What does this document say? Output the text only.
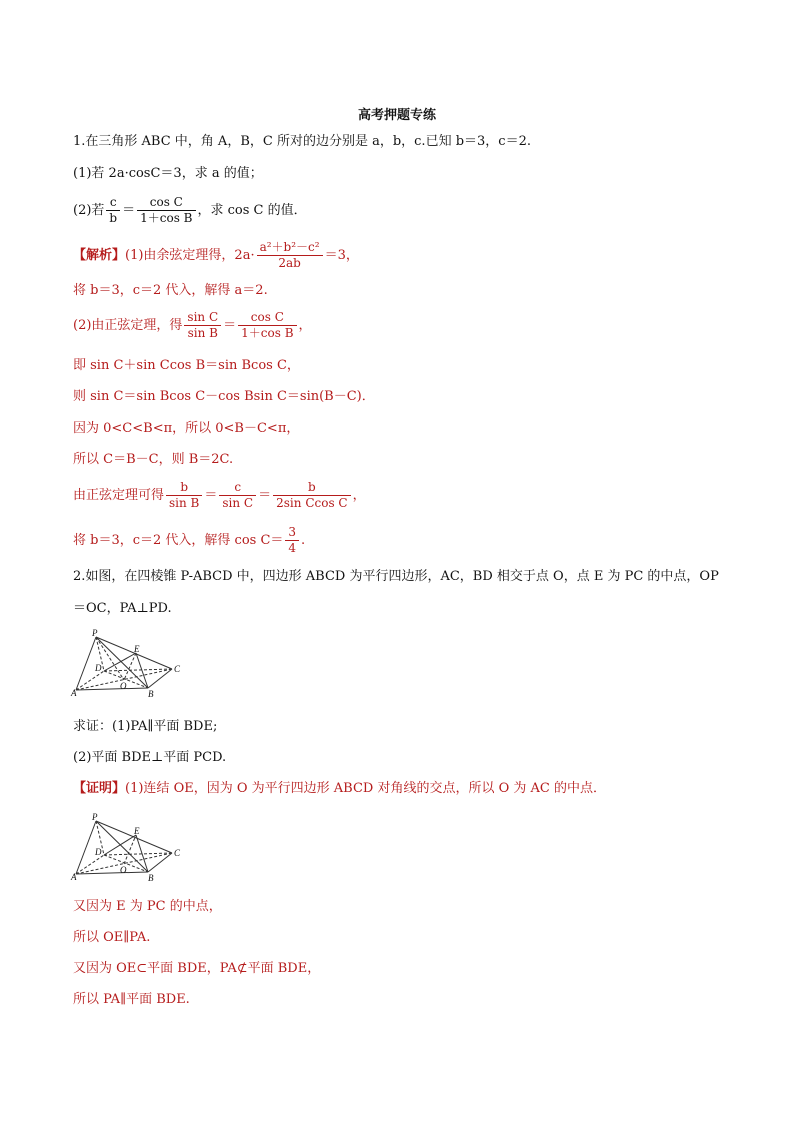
高考押题专练
1.在三角形 ABC 中，角 A，B，C 所对的边分别是 a，b，c.已知 b＝3，c＝2.
(1)若 2a·cosC＝3，求 a 的值；
(2)若 $\frac{c}{b} = \frac{\text{cos C}}{\text{1＋cos B}}$ ，求 cos C 的值．
【解析】(1)由余弦定理得，$2a\cdot \frac{\text{a²＋b²－c²}}{2ab} =3$，
将 b＝3，c＝2 代入，解得 a＝2.
(2)由正弦定理，得 $\frac{\text{sin C}}{\text{sin B}} = \frac{\text{cos C}}{\text{1＋cos B}}$ ，
即 sin C＋sin Ccos B＝sin Bcos C，
则 sin C＝sin Bcos C－cos Bsin C＝sin(B－C)．
因为 0<C<B<π，所以 0<B－C<π，
所以 C＝B－C，则 B＝2C.
由正弦定理可得 $\frac{b}{\text{sin B}} = \frac{c}{\text{sin C}} = \frac{b}{\text{2sin Ccos C}}$ ，
将 b＝3，c＝2 代入，解得 $\cos C= \frac{3}{4}$ .
2.如图，在四棱锥 P-ABCD 中，四边形 ABCD 为平行四边形，AC，BD 相交于点 O，点 E 为 PC 的中点，OP
＝OC，PA⊥PD.
P
E
D	C
O
A	B
求证：(1)PA∥平面 BDE;
(2)平面 BDE⊥平面 PCD.
【证明】(1)连结 OE，因为 O 为平行四边形 ABCD 对角线的交点，所以 O 为 AC 的中点．
P
E
D	C
O
A	B
又因为 E 为 PC 的中点，
所以 OE∥PA.
又因为 OE⊂平面 BDE，PA⊄平面 BDE，
所以 PA∥平面 BDE.
